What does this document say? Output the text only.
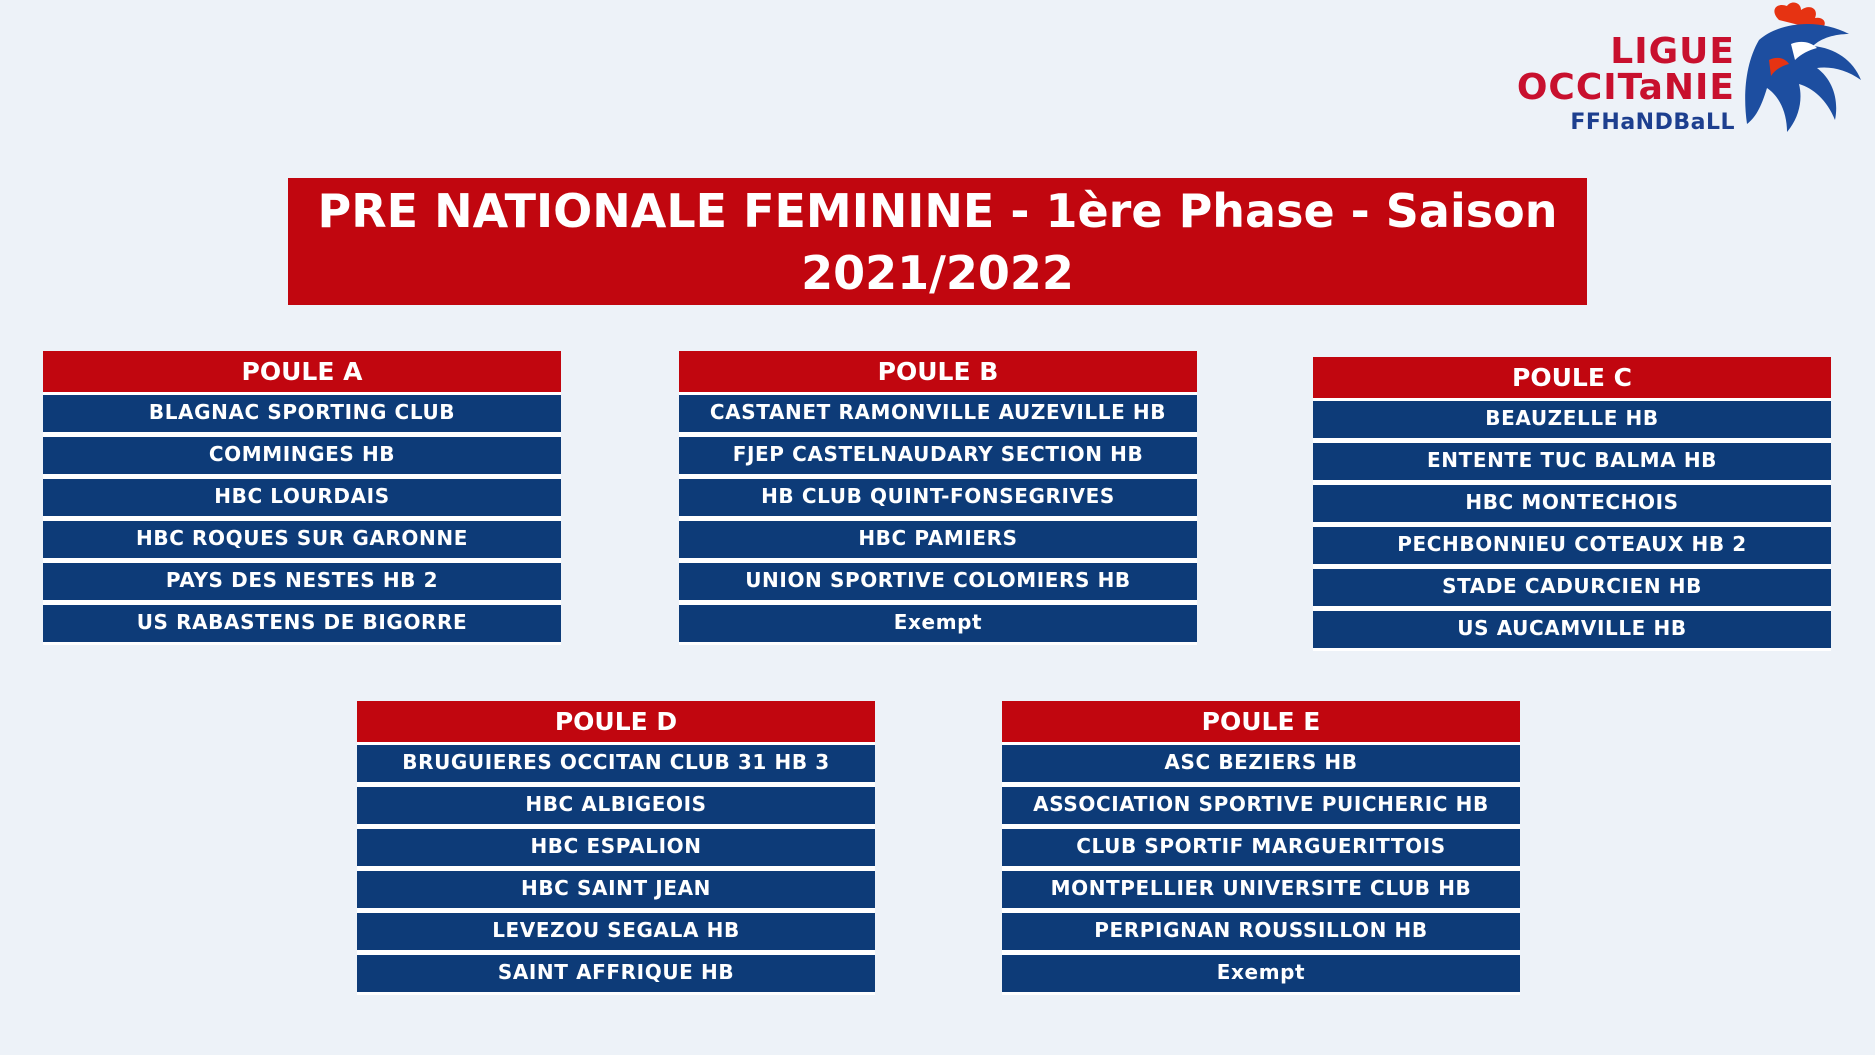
LIGUE
OCCITaNIE
FFHaNDBaLL
PRE NATIONALE FEMININE - 1ère Phase - Saison
2021/2022
POULE A
BLAGNAC SPORTING CLUB
COMMINGES HB
HBC LOURDAIS
HBC ROQUES SUR GARONNE
PAYS DES NESTES HB 2
US RABASTENS DE BIGORRE
POULE B
CASTANET RAMONVILLE AUZEVILLE HB
FJEP CASTELNAUDARY SECTION HB
HB CLUB QUINT-FONSEGRIVES
HBC PAMIERS
UNION SPORTIVE COLOMIERS HB
Exempt
POULE C
BEAUZELLE HB
ENTENTE TUC BALMA HB
HBC MONTECHOIS
PECHBONNIEU COTEAUX HB 2
STADE CADURCIEN HB
US AUCAMVILLE HB
POULE D
BRUGUIERES OCCITAN CLUB 31 HB 3
HBC ALBIGEOIS
HBC ESPALION
HBC SAINT JEAN
LEVEZOU SEGALA HB
SAINT AFFRIQUE HB
POULE E
ASC BEZIERS HB
ASSOCIATION SPORTIVE PUICHERIC HB
CLUB SPORTIF MARGUERITTOIS
MONTPELLIER UNIVERSITE CLUB HB
PERPIGNAN ROUSSILLON HB
Exempt
